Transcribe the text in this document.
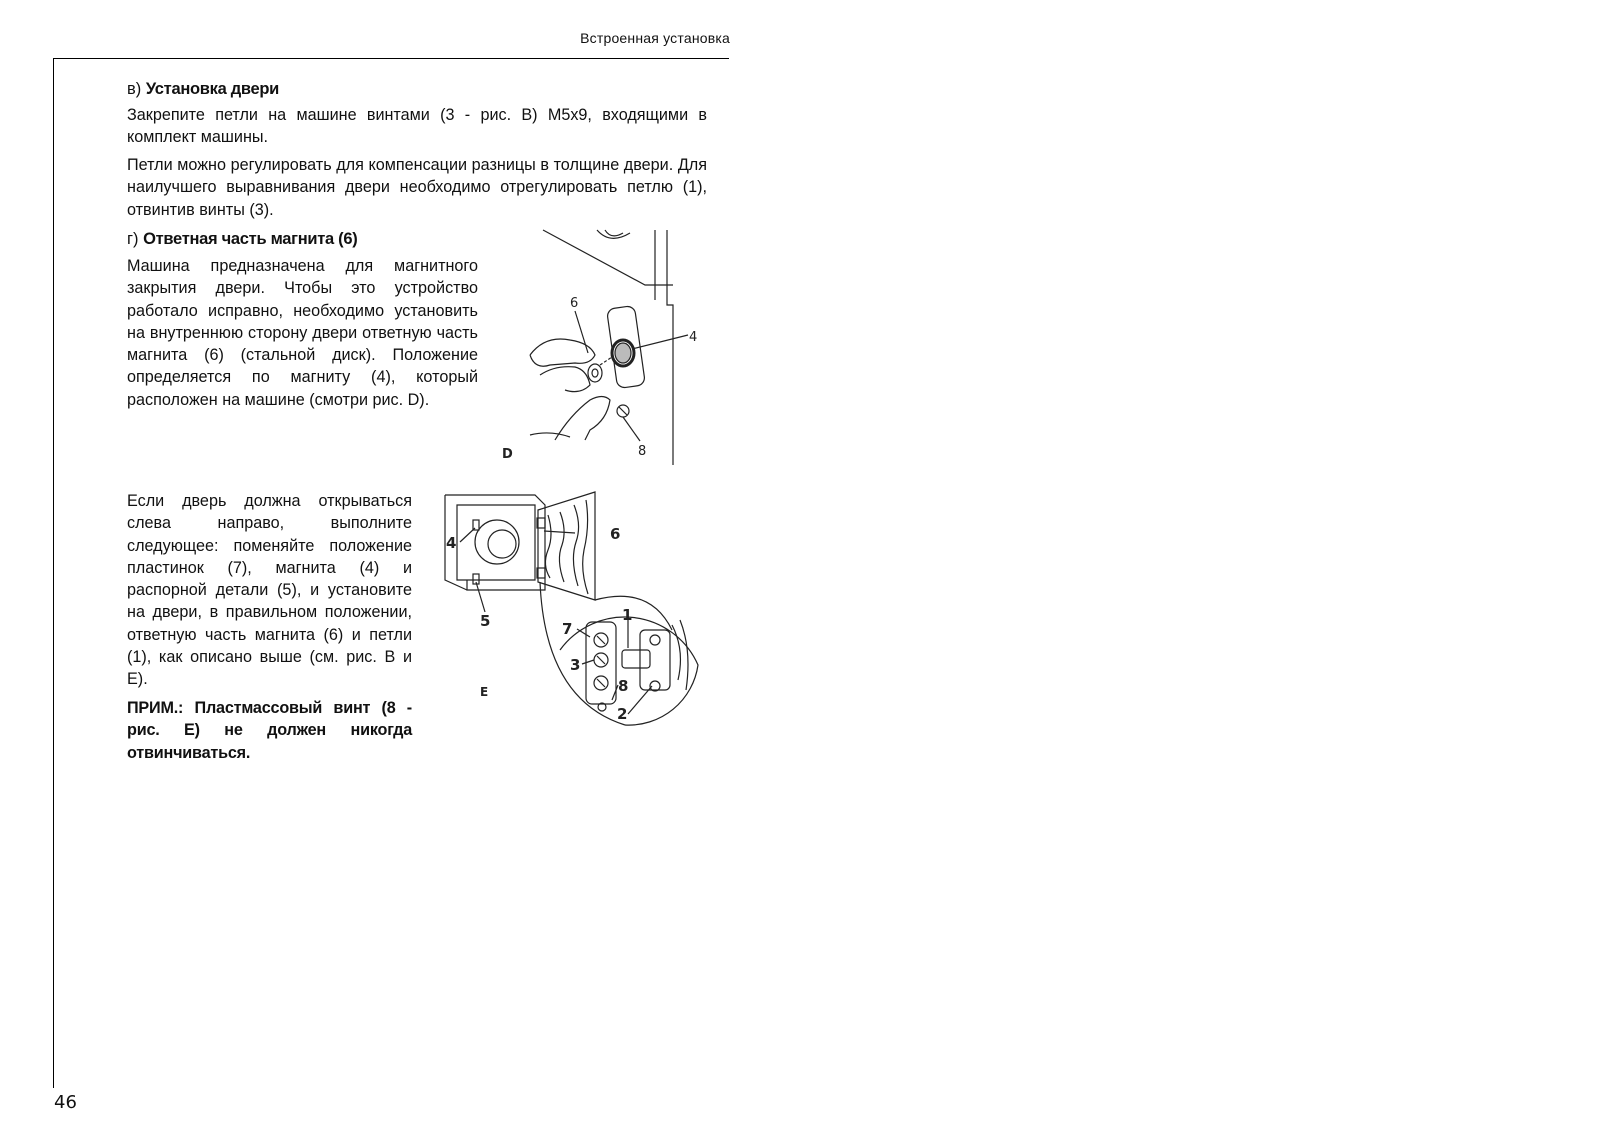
Встроенная установка
в) Установка двери

Закрепите петли на машине винтами (3 - рис. В) М5х9, входящими в комплект машины.

Петли можно регулировать для компенсации разницы в толщине двери. Для наилучшего выравнивания двери необходимо отрегулировать петлю (1), отвинтив винты (3).

г) Ответная часть магнита (6)

Машина предназначена для магнитного закрытия двери. Чтобы это устройство работало исправно, необходимо установить на внутреннюю сторону двери ответную часть магнита (6) (стальной диск). Положение определяется по магниту (4), который расположен на машине (смотри рис. D).

Если дверь должна открываться слева направо, выполните следующее: поменяйте положение пластинок (7), магнита (4) и распорной детали (5), и установите на двери, в правильном положении, ответную часть магнита (6) и петли (1), как описано выше (см. рис. В и Е).

ПРИМ.: Пластмассовый винт (8 - рис. Е) не должен никогда отвинчиваться.

6
4
8
D
4	6
5	7
1
3
8
2
E
46
